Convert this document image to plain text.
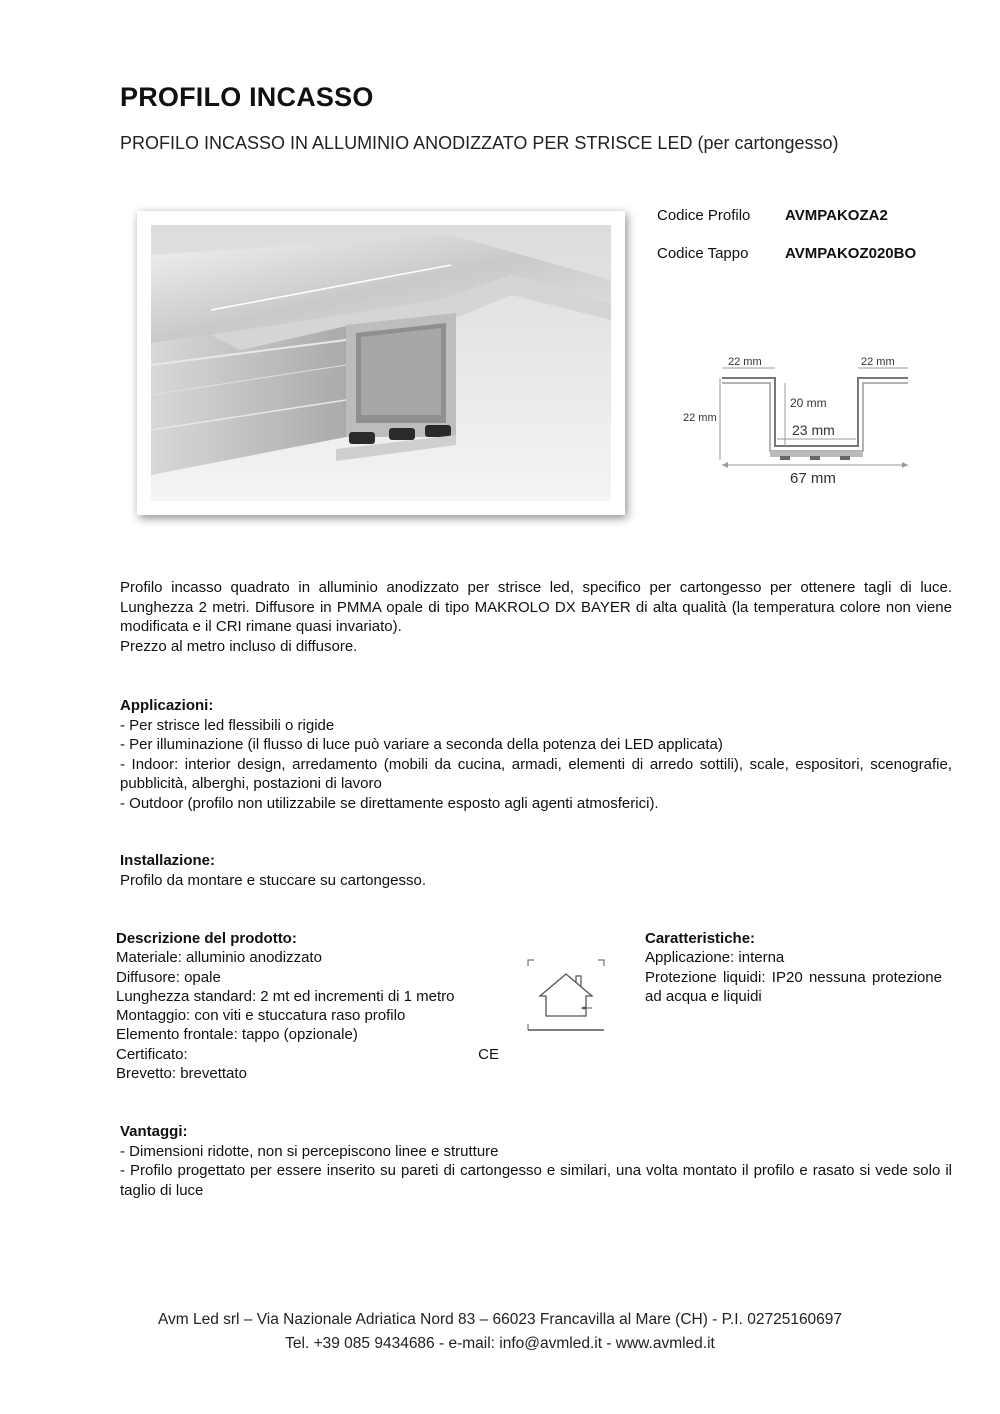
PROFILO INCASSO
PROFILO INCASSO IN ALLUMINIO ANODIZZATO PER STRISCE LED (per cartongesso)
Codice Profilo AVMPAKOZA2
Codice Tappo AVMPAKOZ020BO
22 mm	22 mm
22 mm
20 mm
23 mm
67 mm

Profilo incasso quadrato in alluminio anodizzato per strisce led, specifico per cartongesso per ottenere tagli di luce. Lunghezza 2 metri. Diffusore in PMMA opale di tipo MAKROLO DX BAYER di alta qualità (la temperatura colore non viene modificata e il CRI rimane quasi invariato).

Prezzo al metro incluso di diffusore.

Applicazioni:

- Per strisce led flessibili o rigide

- Per illuminazione (il flusso di luce può variare a seconda della potenza dei LED applicata)

- Indoor: interior design, arredamento (mobili da cucina, armadi, elementi di arredo sottili), scale, espositori, scenografie, pubblicità, alberghi, postazioni di lavoro

- Outdoor (profilo non utilizzabile se direttamente esposto agli agenti atmosferici).

Installazione:

Profilo da montare e stuccare su cartongesso.

Descrizione del prodotto:
Materiale: alluminio anodizzato
Diffusore: opale
Lunghezza standard: 2 mt ed incrementi di 1 metro
Montaggio: con viti e stuccatura raso profilo
Elemento frontale: tappo (opzionale)
Certificato:	CE
Brevetto: brevettato
Caratteristiche:
Applicazione: interna
Protezione liquidi: IP20 nessuna protezione ad acqua e liquidi

Vantaggi:

- Dimensioni ridotte, non si percepiscono linee e strutture

- Profilo progettato per essere inserito su pareti di cartongesso e similari, una volta montato il profilo e rasato si vede solo il taglio di luce

Avm Led srl – Via Nazionale Adriatica Nord 83 – 66023 Francavilla al Mare (CH) - P.I. 02725160697
Tel. +39 085 9434686 - e-mail: info@avmled.it - www.avmled.it
